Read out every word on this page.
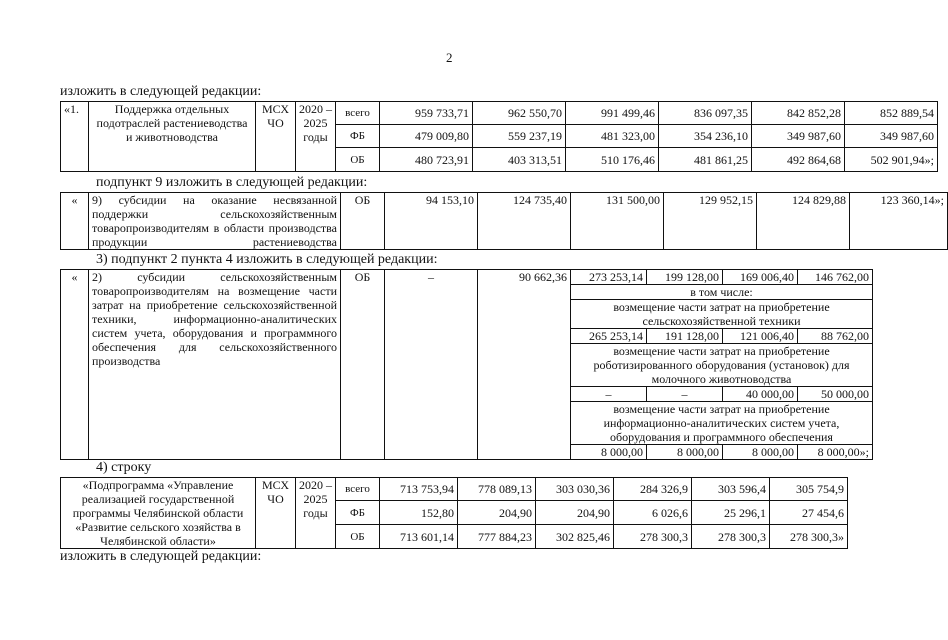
2
изложить в следующей редакции:
«1.	Поддержка отдельных подотраслей растениеводства и животноводства	МСХ ЧО	2020 – 2025 годы	всего	959 733,71	962 550,70	991 499,46	836 097,35	842 852,28	852 889,54
				ФБ	479 009,80	559 237,19	481 323,00	354 236,10	349 987,60	349 987,60
				ОБ	480 723,91	403 313,51	510 176,46	481 861,25	492 864,68	502 901,94»;
подпункт 9 изложить в следующей редакции:
«	9) субсидии на оказание несвязанной поддержки сельскохозяйственным товаропроизводителям в области производства продукции растениеводства	ОБ	94 153,10	124 735,40	131 500,00	129 952,15	124 829,88	123 360,14»;
3) подпункт 2 пункта 4 изложить в следующей редакции:
«	2) субсидии сельскохозяйственным товаропроизводителям на возмещение части затрат на приобретение сельскохозяйственной техники, информационно-аналитических систем учета, оборудования и программного обеспечения для сельскохозяйственного производства	ОБ	–	90 662,36	273 253,14	199 128,00	169 006,40	146 762,00
					в том числе:			
					возмещение части затрат на приобретение сельскохозяйственной техники			
					265 253,14	191 128,00	121 006,40	88 762,00
					возмещение части затрат на приобретение роботизированного оборудования (установок) для молочного животноводства			
					–	–	40 000,00	50 000,00
					возмещение части затрат на приобретение информационно-аналитических систем учета, оборудования и программного обеспечения			
					8 000,00	8 000,00	8 000,00	8 000,00»;
4) строку
«Подпрограмма «Управление реализацией государственной программы Челябинской области «Развитие сельского хозяйства в Челябинской области»	МСХ ЧО	2020 – 2025 годы	всего	713 753,94	778 089,13	303 030,36	284 326,9	303 596,4	305 754,9
			ФБ	152,80	204,90	204,90	6 026,6	25 296,1	27 454,6
			ОБ	713 601,14	777 884,23	302 825,46	278 300,3	278 300,3	278 300,3»
изложить в следующей редакции:
